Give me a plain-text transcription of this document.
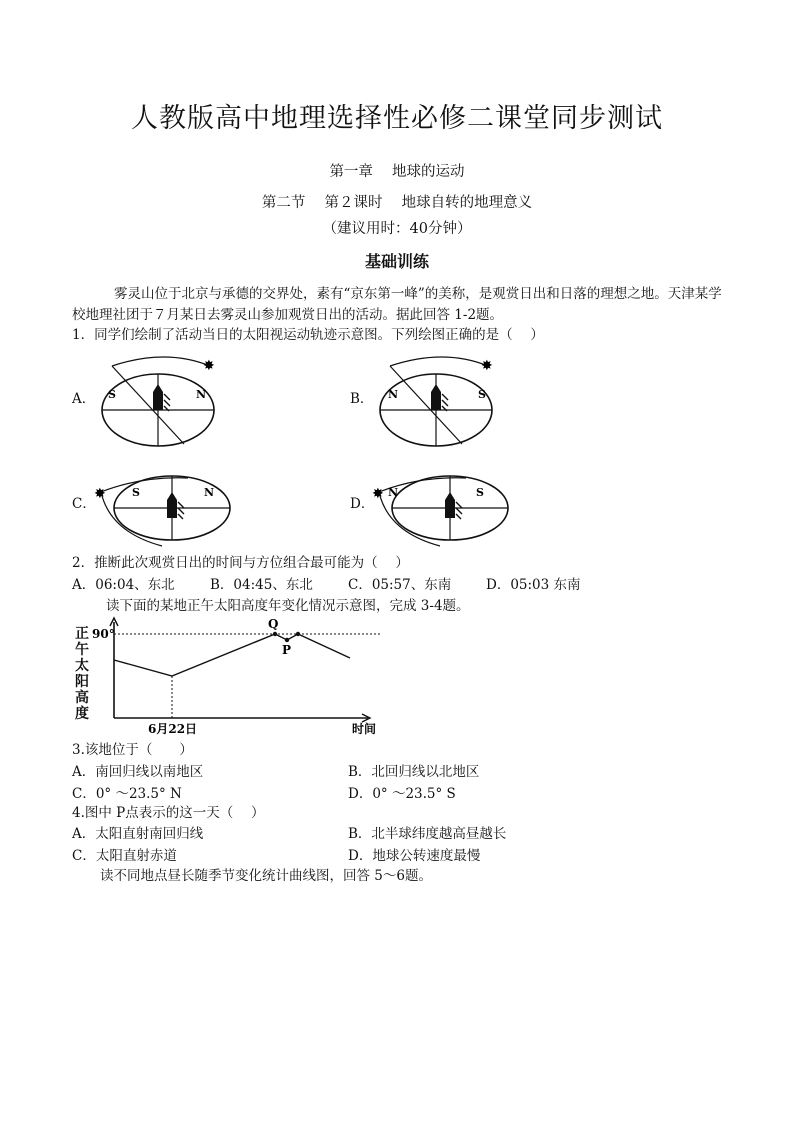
人教版高中地理选择性必修二课堂同步测试
第一章　 地球的运动
第二节　 第２课时　 地球自转的地理意义
（建议用时：40分钟）
基础训练
雾灵山位于北京与承德的交界处，素有“京东第一峰”的美称，是观赏日出和日落的理想之地。天津某学校地理社团于７月某日去雾灵山参加观赏日出的活动。据此回答 1-2题。
1．同学们绘制了活动当日的太阳视运动轨迹示意图。下列绘图正确的是（　 ）
A．
✸
S	N	B．
✸
N	S
C．
✸ S	N
D．
✸ N	S
2．推断此次观赏日出的时间与方位组合最可能为（　 ）
A．06:04、东北	B．04:45、东北	C．05:57、东南	D．05:03 东南
读下面的某地正午太阳高度年变化情况示意图，完成 3-4题。
正午太阳高度
90°
Q
P
6月22日	时间
3.该地位于（　　）
A．南回归线以南地区	B．北回归线以北地区
C．0° ～23.5° N	D．0° ～23.5° S
4.图中 P点表示的这一天（　 ）
A．太阳直射南回归线	B．北半球纬度越高昼越长
C．太阳直射赤道	D．地球公转速度最慢
读不同地点昼长随季节变化统计曲线图，回答 5～6题。
